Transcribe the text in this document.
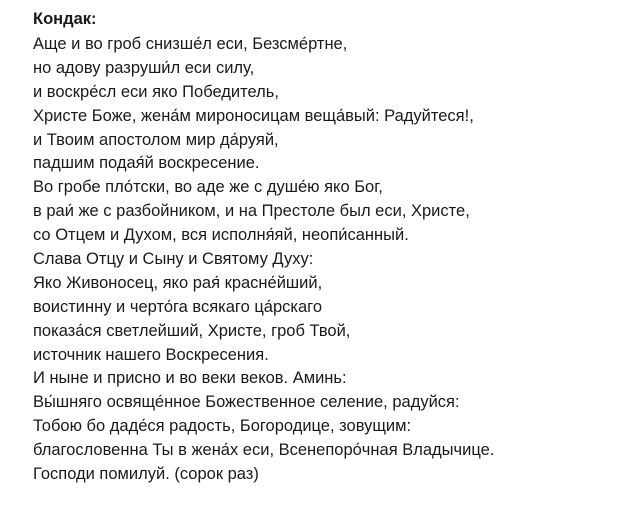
Кондак:
Аще и во гроб снизше́л еси, Безсме́ртне,
но адову разруши́л еси силу,
и воскре́сл еси яко Победитель,
Христе Боже, жена́м мироносицам веща́вый: Радуйтеся!,
и Твоим апостолом мир да́руяй,
падшим подая́й воскресение.
Во гробе пло́тски, во аде же с душе́ю яко Бог,
в раи́ же с разбойником, и на Престоле был еси, Христе,
со Отцем и Духом, вся исполня́яй, неопи́санный.
Слава Отцу и Сыну и Святому Духу:
Яко Живоносец, яко рая́ красне́йший,
воистинну и черто́га всякаго ца́рскаго
показа́ся светлейший, Христе, гроб Твой,
источник нашего Воскресения.
И ныне и присно и во веки веков. Аминь:
Вы́шняго освяще́нное Божественное селение, радуйся:
Тобою бо даде́ся радость, Богородице, зовущим:
благословенна Ты в жена́х еси, Всенепоро́чная Владычице.
Господи помилуй. (сорок раз)
